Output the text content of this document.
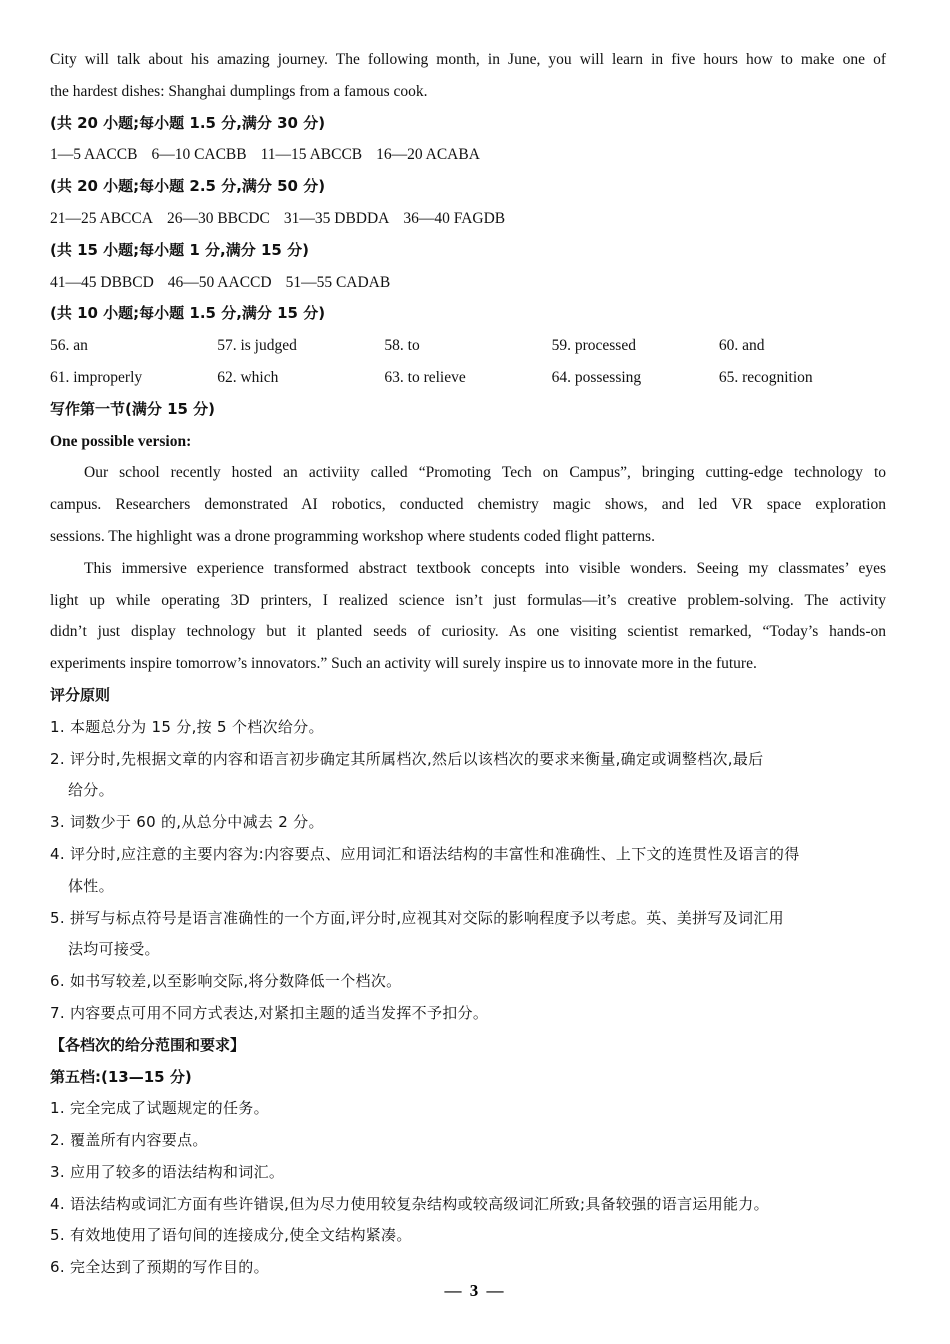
City will talk about his amazing journey. The following month, in June, you will learn in five hours how to make one of
the hardest dishes: Shanghai dumplings from a famous cook.
(共 20 小题;每小题 1.5 分,满分 30 分)
1—5 AACCB 6—10 CACBB 11—15 ABCCB 16—20 ACABA
(共 20 小题;每小题 2.5 分,满分 50 分)
21—25 ABCCA 26—30 BBCDC 31—35 DBDDA 36—40 FAGDB
(共 15 小题;每小题 1 分,满分 15 分)
41—45 DBBCD 46—50 AACCD 51—55 CADAB
(共 10 小题;每小题 1.5 分,满分 15 分)
56. an	57. is judged	58. to	59. processed	60. and
61. improperly	62. which	63. to relieve	64. possessing	65. recognition
写作第一节(满分 15 分)
One possible version:
Our school recently hosted an activiity called “Promoting Tech on Campus”, bringing cutting-edge technology to
campus. Researchers demonstrated AI robotics, conducted chemistry magic shows, and led VR space exploration
sessions. The highlight was a drone programming workshop where students coded flight patterns.
This immersive experience transformed abstract textbook concepts into visible wonders. Seeing my classmates’ eyes
light up while operating 3D printers, I realized science isn’t just formulas—it’s creative problem-solving. The activity
didn’t just display technology but it planted seeds of curiosity. As one visiting scientist remarked, “Today’s hands-on
experiments inspire tomorrow’s innovators.” Such an activity will surely inspire us to innovate more in the future.
评分原则
1. 本题总分为 15 分,按 5 个档次给分。
2. 评分时,先根据文章的内容和语言初步确定其所属档次,然后以该档次的要求来衡量,确定或调整档次,最后
给分。
3. 词数少于 60 的,从总分中减去 2 分。
4. 评分时,应注意的主要内容为:内容要点、应用词汇和语法结构的丰富性和准确性、上下文的连贯性及语言的得
体性。
5. 拼写与标点符号是语言准确性的一个方面,评分时,应视其对交际的影响程度予以考虑。英、美拼写及词汇用
法均可接受。
6. 如书写较差,以至影响交际,将分数降低一个档次。
7. 内容要点可用不同方式表达,对紧扣主题的适当发挥不予扣分。
【各档次的给分范围和要求】
第五档:(13—15 分)
1. 完全完成了试题规定的任务。
2. 覆盖所有内容要点。
3. 应用了较多的语法结构和词汇。
4. 语法结构或词汇方面有些许错误,但为尽力使用较复杂结构或较高级词汇所致;具备较强的语言运用能力。
5. 有效地使用了语句间的连接成分,使全文结构紧凑。
6. 完全达到了预期的写作目的。
— 3 —
